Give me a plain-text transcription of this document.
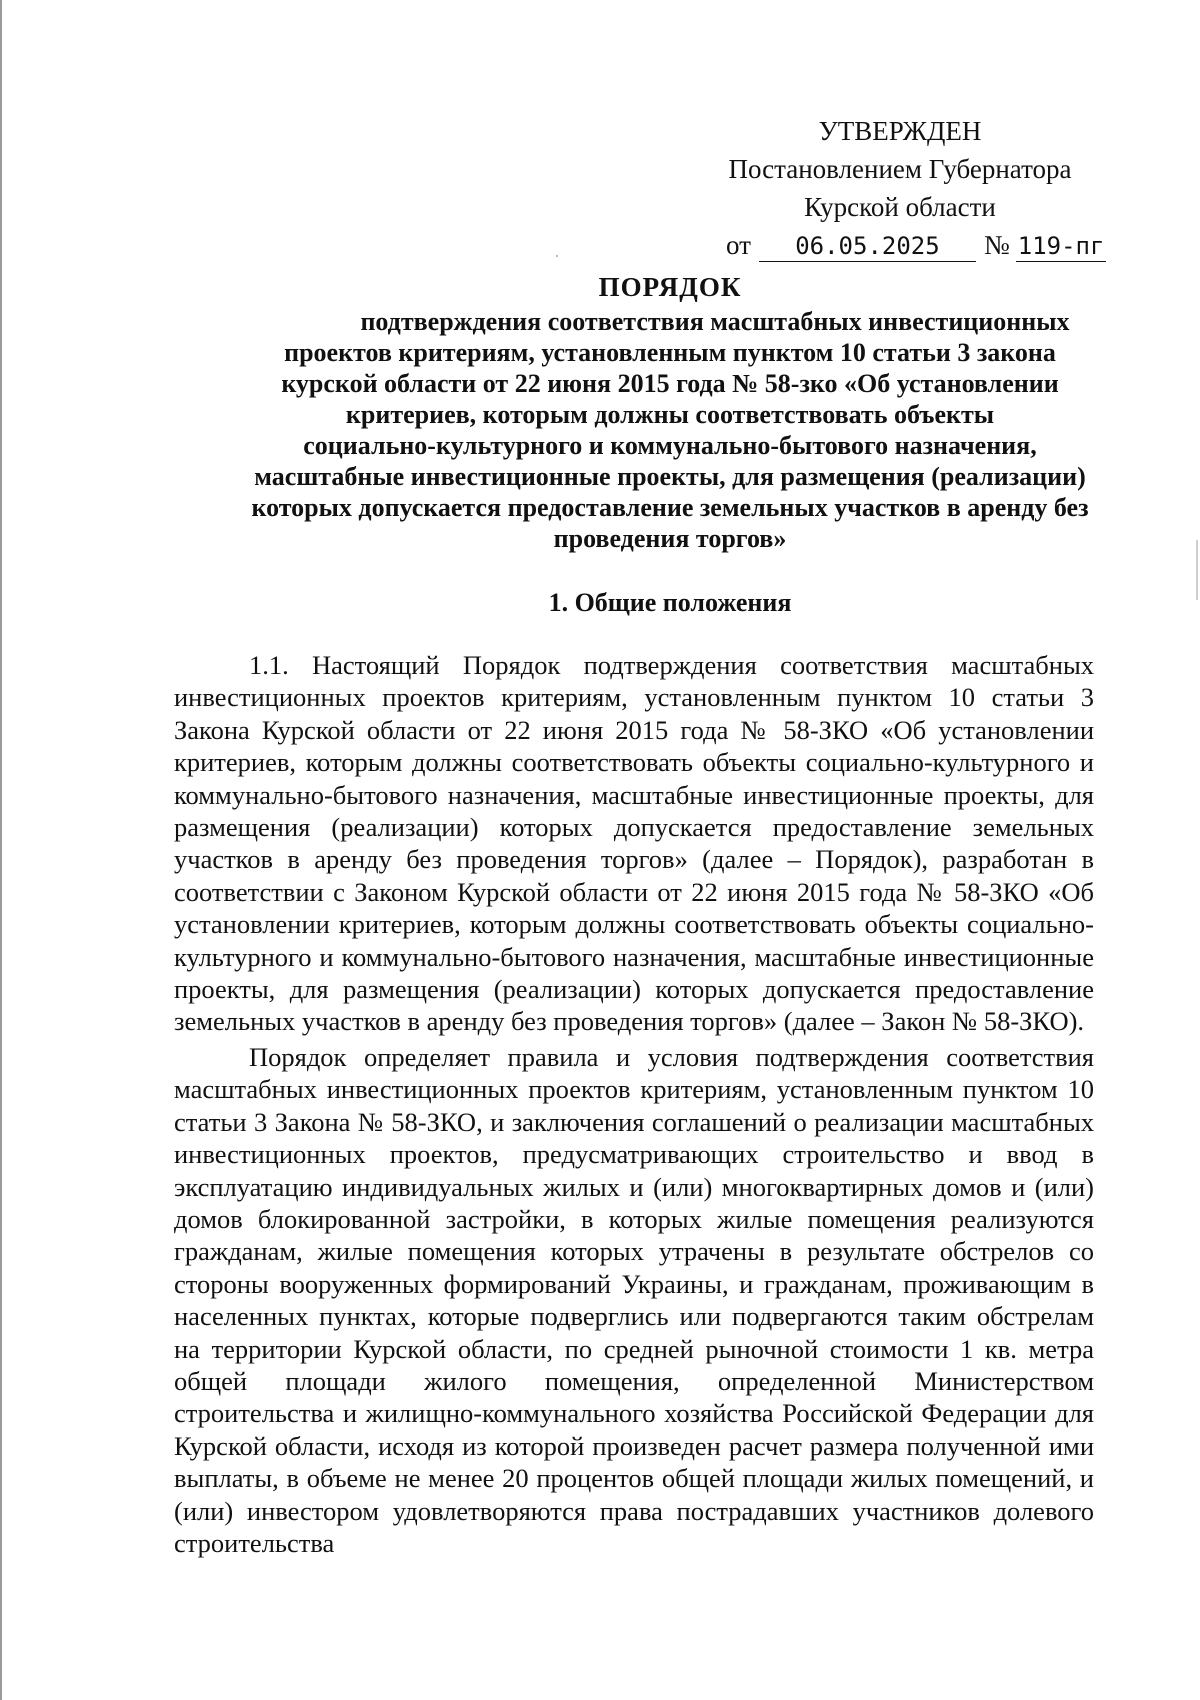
УТВЕРЖДЕН
Постановлением Губернатора
Курской области
от 06.05.2025 № 119-пг
ПОРЯДОК
подтверждения соответствия масштабных инвестиционных
проектов критериям, установленным пунктом 10 статьи 3 закона
курской области от 22 июня 2015 года № 58-зко «Об установлении
критериев, которым должны соответствовать объекты
социально-культурного и коммунально-бытового назначения,
масштабные инвестиционные проекты, для размещения (реализации)
которых допускается предоставление земельных участков в аренду без
проведения торгов»
1. Общие положения

1.1. Настоящий Порядок подтверждения соответствия масштабных инвестиционных проектов критериям, установленным пунктом 10 статьи 3 Закона Курской области от 22 июня 2015 года № 58-ЗКО «Об установлении критериев, которым должны соответствовать объекты социально-культурного и коммунально-бытового назначения, масштабные инвестиционные проекты, для размещения (реализации) которых допускается предоставление земельных участков в аренду без проведения торгов» (далее – Порядок), разработан в соответствии с Законом Курской области от 22 июня 2015 года № 58-ЗКО «Об установлении критериев, которым должны соответствовать объекты социально-культурного и коммунально-бытового назначения, масштабные инвестиционные проекты, для размещения (реализации) которых допускается предоставление земельных участков в аренду без проведения торгов» (далее – Закон № 58-ЗКО).

Порядок определяет правила и условия подтверждения соответствия масштабных инвестиционных проектов критериям, установленным пунктом 10 статьи 3 Закона № 58-ЗКО, и заключения соглашений о реализации масштабных инвестиционных проектов, предусматривающих строительство и ввод в эксплуатацию индивидуальных жилых и (или) многоквартирных домов и (или) домов блокированной застройки, в которых жилые помещения реализуются гражданам, жилые помещения которых утрачены в результате обстрелов со стороны вооруженных формирований Украины, и гражданам, проживающим в населенных пунктах, которые подверглись или подвергаются таким обстрелам на территории Курской области, по средней рыночной стоимости 1 кв. метра общей площади жилого помещения, определенной Министерством строительства и жилищно-коммунального хозяйства Российской Федерации для Курской области, исходя из которой произведен расчет размера полученной ими выплаты, в объеме не менее 20 процентов общей площади жилых помещений, и (или) инвестором удовлетворяются права пострадавших участников долевого строительства
